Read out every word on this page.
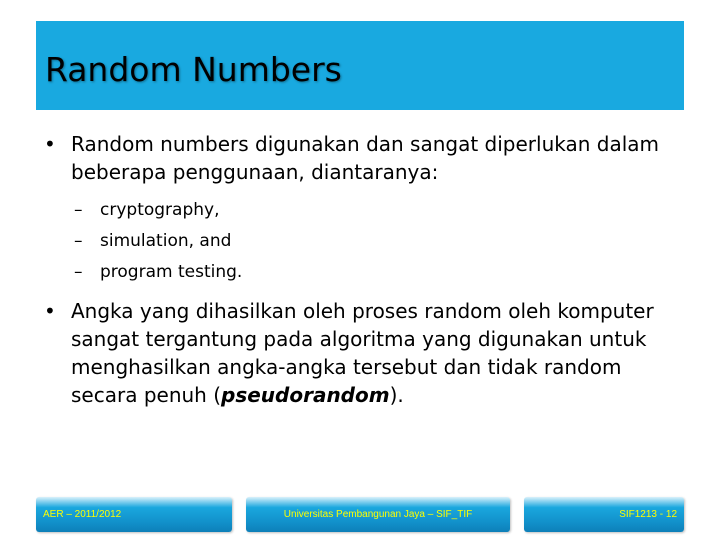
Random Numbers
• Random numbers digunakan dan sangat diperlukan dalam beberapa penggunaan, diantaranya:
– cryptography,
– simulation, and
– program testing.
• Angka yang dihasilkan oleh proses random oleh komputer sangat tergantung pada algoritma yang digunakan untuk menghasilkan angka-angka tersebut dan tidak random secara penuh (pseudorandom).
AER – 2011/2012	Universitas Pembangunan Jaya – SIF_TIF	SIF1213 - 12
